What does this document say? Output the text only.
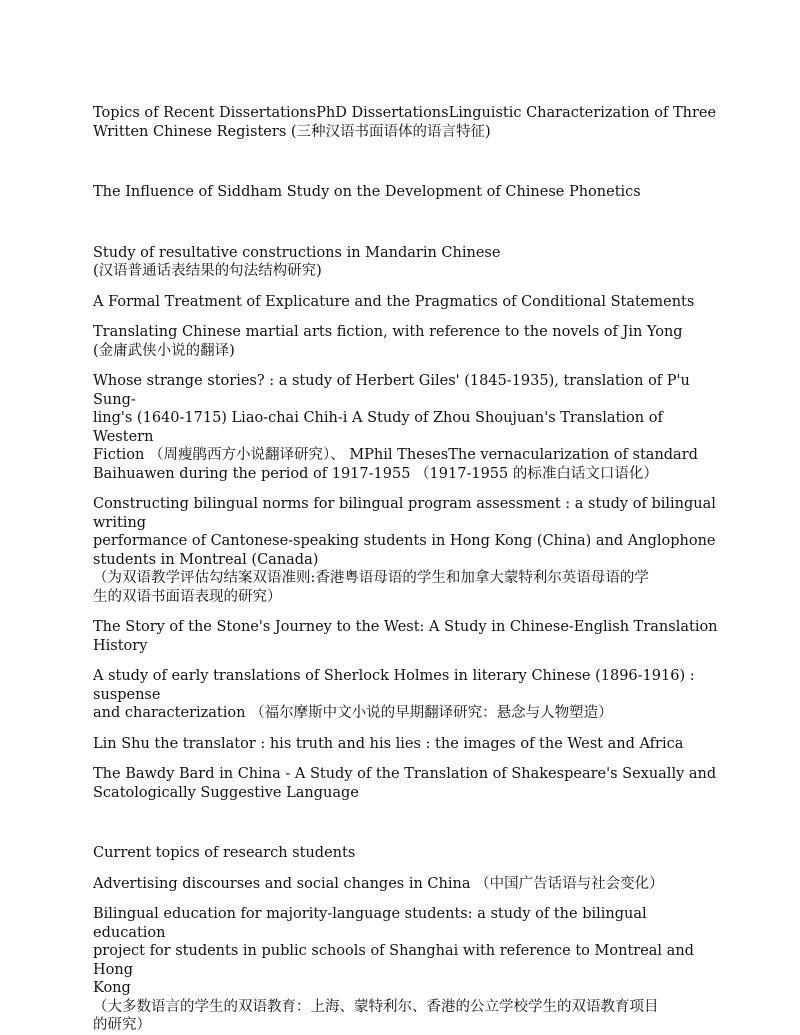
Topics of Recent DissertationsPhD DissertationsLinguistic Characterization of Three
Written Chinese Registers (三种汉语书面语体的语言特征)

The Influence of Siddham Study on the Development of Chinese Phonetics

Study of resultative constructions in Mandarin Chinese
(汉语普通话表结果的句法结构研究)

A Formal Treatment of Explicature and the Pragmatics of Conditional Statements

Translating Chinese martial arts fiction, with reference to the novels of Jin Yong
(金庸武侠小说的翻译)

Whose strange stories? : a study of Herbert Giles' (1845-1935), translation of P'u Sung-
ling's (1640-1715) Liao-chai Chih-i A Study of Zhou Shoujuan's Translation of Western
Fiction （周瘦鹃西方小说翻译研究）、 MPhil ThesesThe vernacularization of standard
Baihuawen during the period of 1917-1955 （1917-1955 的标准白话文口语化）

Constructing bilingual norms for bilingual program assessment : a study of bilingual writing
performance of Cantonese-speaking students in Hong Kong (China) and Anglophone
students in Montreal (Canada)
（为双语教学评估勾结案双语准则:香港粤语母语的学生和加拿大蒙特利尔英语母语的学
生的双语书面语表现的研究）

The Story of the Stone's Journey to the West: A Study in Chinese-English Translation
History

A study of early translations of Sherlock Holmes in literary Chinese (1896-1916) : suspense
and characterization （福尔摩斯中文小说的早期翻译研究：悬念与人物塑造）

Lin Shu the translator : his truth and his lies : the images of the West and Africa

The Bawdy Bard in China - A Study of the Translation of Shakespeare's Sexually and
Scatologically Suggestive Language

Current topics of research students

Advertising discourses and social changes in China （中国广告话语与社会变化）

Bilingual education for majority-language students: a study of the bilingual education
project for students in public schools of Shanghai with reference to Montreal and Hong
Kong
（大多数语言的学生的双语教育：上海、蒙特利尔、香港的公立学校学生的双语教育项目
的研究）
